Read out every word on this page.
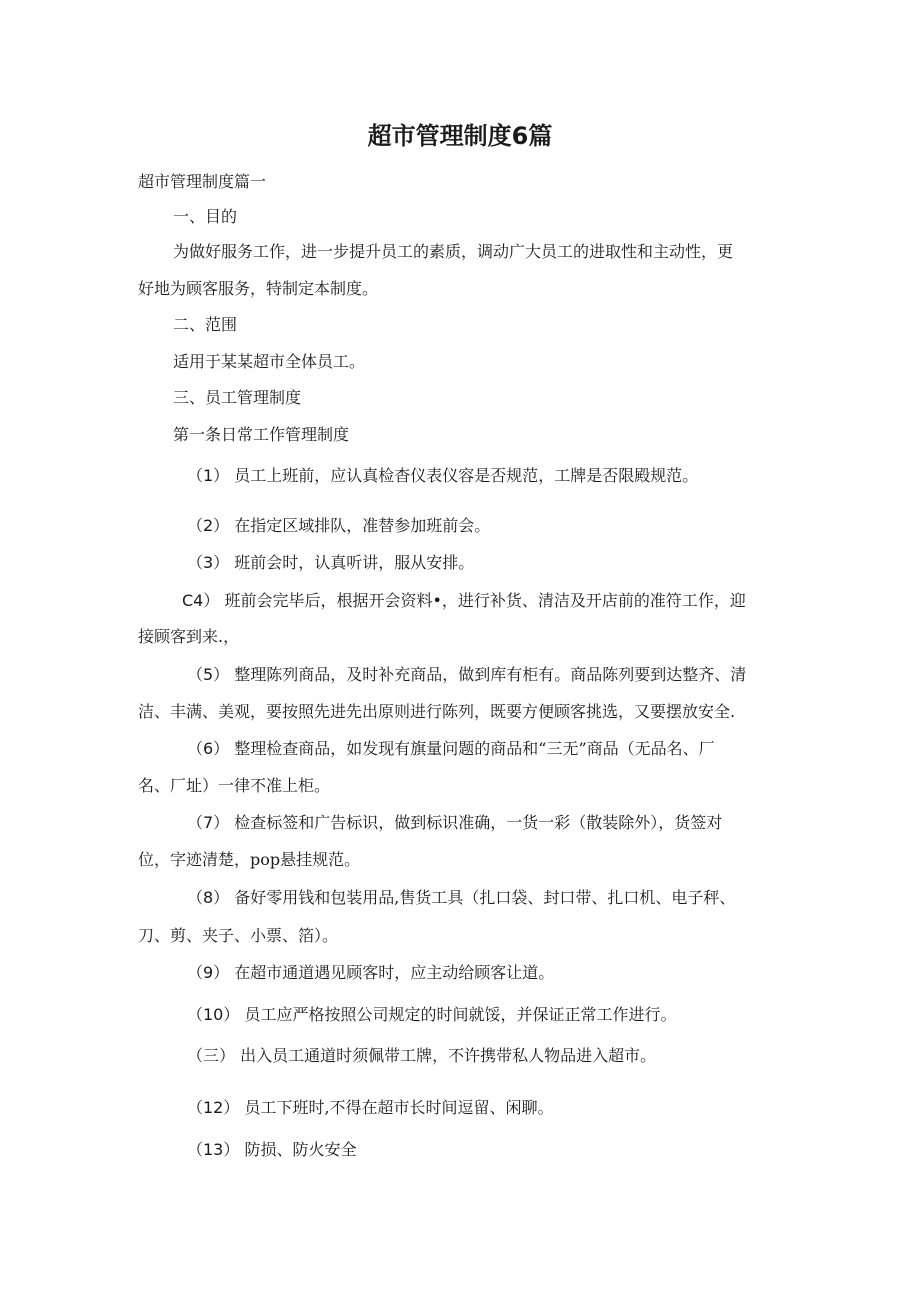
超市管理制度6篇
超市管理制度篇一
一、目的
为做好服务工作，进一步提升员工的素质，调动广大员工的进取性和主动性，更
好地为顾客服务，特制定本制度。
二、范围
适用于某某超市全体员工。
三、员工管理制度
第一条日常工作管理制度
（1） 员工上班前，应认真检杳仪表仪容是否规范，工牌是否限殿规范。
（2） 在指定区域排队，准替参加班前会。
（3） 班前会时，认真听讲，服从安排。
C4） 班前会完毕后，根据开会资料•，进行补货、清洁及开店前的准符工作，迎
接顾客到来.，
（5） 整理陈列商品，及时补充商品，做到库有柜有。商品陈列要到达整齐、清
洁、丰满、美观，要按照先进先出原则进行陈列，既要方便顾客挑选，又要摆放安全.
（6） 整理检查商品，如发现有旗量问题的商品和“三无”商品（无品名、厂
名、厂址）一律不准上柜。
（7） 检查标签和广告标识，做到标识准确，一货一彩（散装除外），货签对
位，字迹清楚，pop悬挂规范。
（8） 备好零用钱和包装用品,售货工具（扎口袋、封口带、扎口机、电子秤、
刀、剪、夹子、小票、箔）。
（9） 在超市通道遇见顾客时，应主动给顾客让道。
（10） 员工应严格按照公司规定的时间就馁，并保证正常工作进行。
（三） 出入员工通道时须佩带工牌，不许携带私人物品进入超市。
（12） 员工下班时,不得在超市长时间逗留、闲聊。
（13） 防损、防火安全
